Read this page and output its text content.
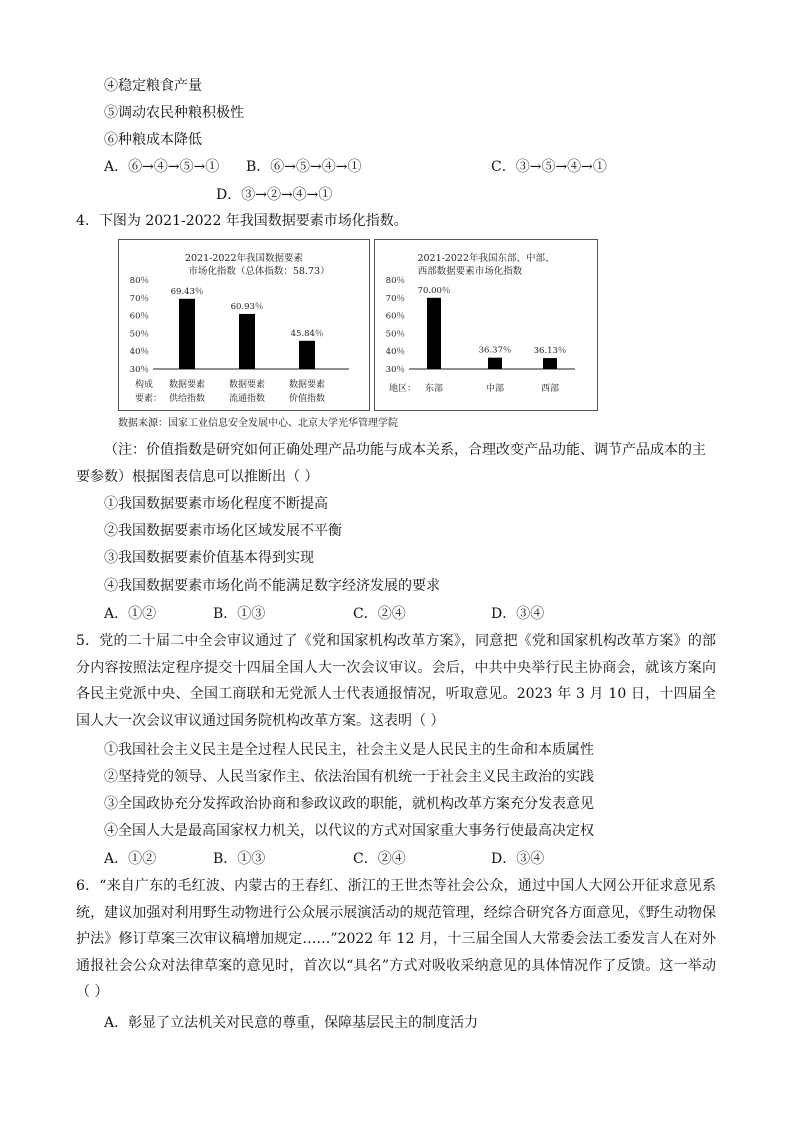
④稳定粮食产量
⑤调动农民种粮积极性
⑥种粮成本降低
A．⑥→④→⑤→① B．⑥→⑤→④→①	C．③→⑤→④→①
D．③→②→④→①
4．下图为 2021-2022 年我国数据要素市场化指数。
2021-2022年我国数据要素
市场化指数（总体指数：58.73）
80％
70％
60％
50％
40％
30％
69.43％
60.93％
45.84％
构成
要素：
数据要素
供给指数
数据要素
流通指数
数据要素
价值指数
2021-2022年我国东部、中部、
西部数据要素市场化指数
80％
70％
60％
50％
40％
30％
70.00％
36.37％	36.13％
地区： 东部	中部	西部
数据来源：国家工业信息安全发展中心、北京大学光华管理学院
（注：价值指数是研究如何正确处理产品功能与成本关系，合理改变产品功能、调节产品成本的主
要参数）根据图表信息可以推断出（ ）
①我国数据要素市场化程度不断提高
②我国数据要素市场化区域发展不平衡
③我国数据要素价值基本得到实现
④我国数据要素市场化尚不能满足数字经济发展的要求
A．①②	B．①③	C．②④	D．③④
5．党的二十届二中全会审议通过了《党和国家机构改革方案》，同意把《党和国家机构改革方案》的部分内容按照法定程序提交十四届全国人大一次会议审议。会后，中共中央举行民主协商会，就该方案向各民主党派中央、全国工商联和无党派人士代表通报情况，听取意见。2023 年 3 月 10 日，十四届全国人大一次会议审议通过国务院机构改革方案。这表明（ ）
①我国社会主义民主是全过程人民民主，社会主义是人民民主的生命和本质属性
②坚持党的领导、人民当家作主、依法治国有机统一于社会主义民主政治的实践
③全国政协充分发挥政治协商和参政议政的职能，就机构改革方案充分发表意见
④全国人大是最高国家权力机关，以代议的方式对国家重大事务行使最高决定权
A．①②	B．①③	C．②④	D．③④
6．“来自广东的毛红波、内蒙古的王春红、浙江的王世杰等社会公众，通过中国人大网公开征求意见系统，建议加强对利用野生动物进行公众展示展演活动的规范管理，经综合研究各方面意见，《野生动物保护法》修订草案三次审议稿增加规定……”2022 年 12 月，十三届全国人大常委会法工委发言人在对外通报社会公众对法律草案的意见时，首次以“具名”方式对吸收采纳意见的具体情况作了反馈。这一举动（ ）
A．彰显了立法机关对民意的尊重，保障基层民主的制度活力
